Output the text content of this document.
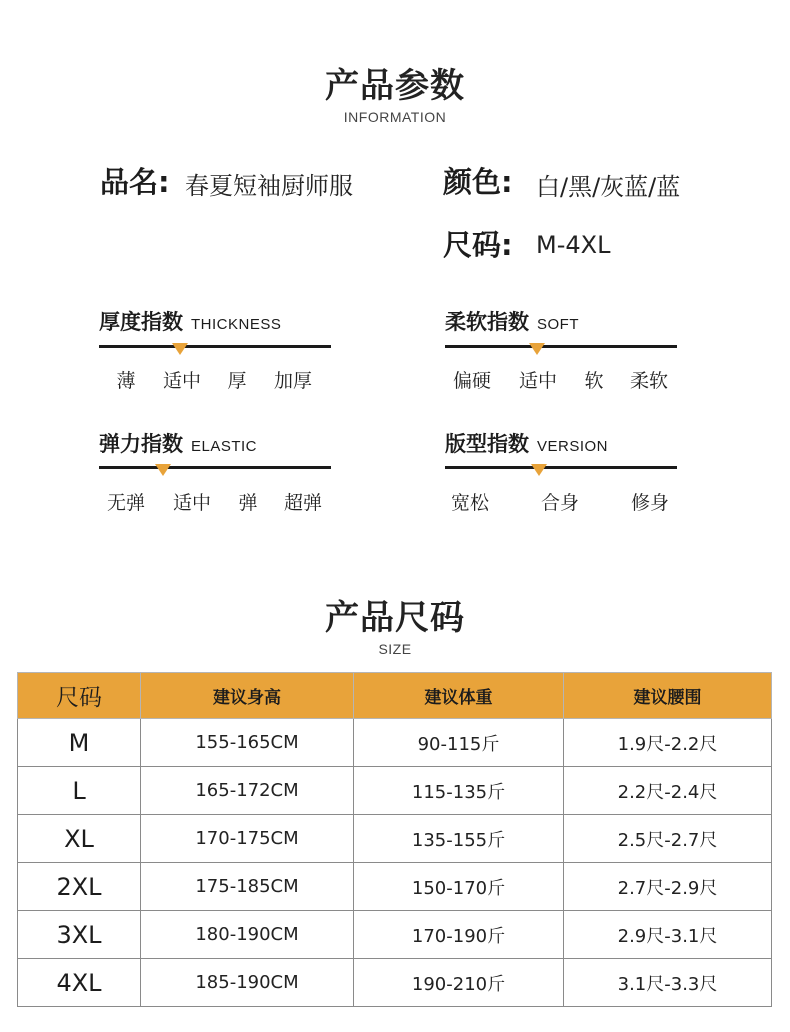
产品参数
INFORMATION
品名: 春夏短袖厨师服	颜色: 白/黑/灰蓝/蓝
尺码: M-4XL
厚度指数 THICKNESS
薄 适中 厚 加厚
柔软指数 SOFT
偏硬 适中 软 柔软
弹力指数 ELASTIC
无弹 适中 弹 超弹
版型指数 VERSION
宽松	合身	修身
产品尺码
SIZE
尺码	建议身高	建议体重	建议腰围
M	155-165CM	90-115斤	1.9尺-2.2尺
L	165-172CM	115-135斤	2.2尺-2.4尺
XL	170-175CM	135-155斤	2.5尺-2.7尺
2XL	175-185CM	150-170斤	2.7尺-2.9尺
3XL	180-190CM	170-190斤	2.9尺-3.1尺
4XL	185-190CM	190-210斤	3.1尺-3.3尺
